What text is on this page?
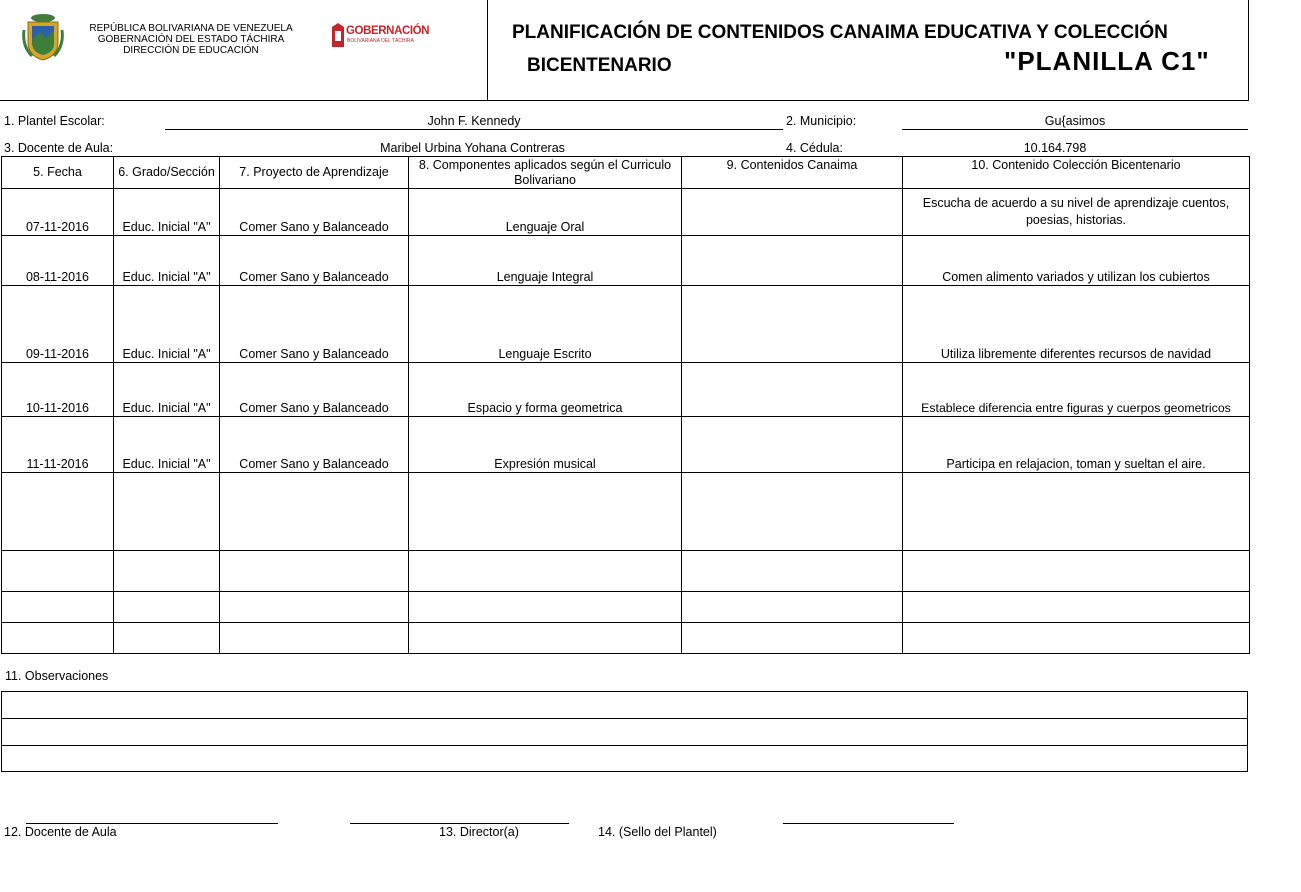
REPÚBLICA BOLIVARIANA DE VENEZUELA
GOBERNACIÓN DEL ESTADO TÁCHIRA
DIRECCIÓN DE EDUCACIÓN
GOBERNACIÓN
BOLIVARIANA DEL TÁCHIRA	PLANIFICACIÓN DE CONTENIDOS CANAIMA EDUCATIVA Y COLECCIÓN
BICENTENARIO	"PLANILLA C1"
1. Plantel Escolar:	John F. Kennedy	2. Municipio:	Gu{asimos
3. Docente de Aula:	Maribel Urbina Yohana Contreras	4. Cédula:	10.164.798
5. Fecha	6. Grado/Sección	7. Proyecto de Aprendizaje	8. Componentes aplicados según el Curriculo Bolivariano	9. Contenidos Canaima	10. Contenido Colección Bicentenario
07-11-2016	Educ. Inicial "A"	Comer Sano y Balanceado	Lenguaje Oral		Escucha de acuerdo a su nivel de aprendizaje cuentos, poesias, historias.
08-11-2016	Educ. Inicial "A"	Comer Sano y Balanceado	Lenguaje Integral		Comen alimento variados y utilizan los cubiertos
09-11-2016	Educ. Inicial "A"	Comer Sano y Balanceado	Lenguaje Escrito		Utiliza libremente diferentes recursos de navidad
10-11-2016	Educ. Inicial "A"	Comer Sano y Balanceado	Espacio y forma geometrica		Establece diferencia entre figuras y cuerpos geometricos
11-11-2016	Educ. Inicial "A"	Comer Sano y Balanceado	Expresión musical		Participa en relajacion, toman y sueltan el aire.

11. Observaciones
12. Docente de Aula	13. Director(a)	14. (Sello del Plantel)
